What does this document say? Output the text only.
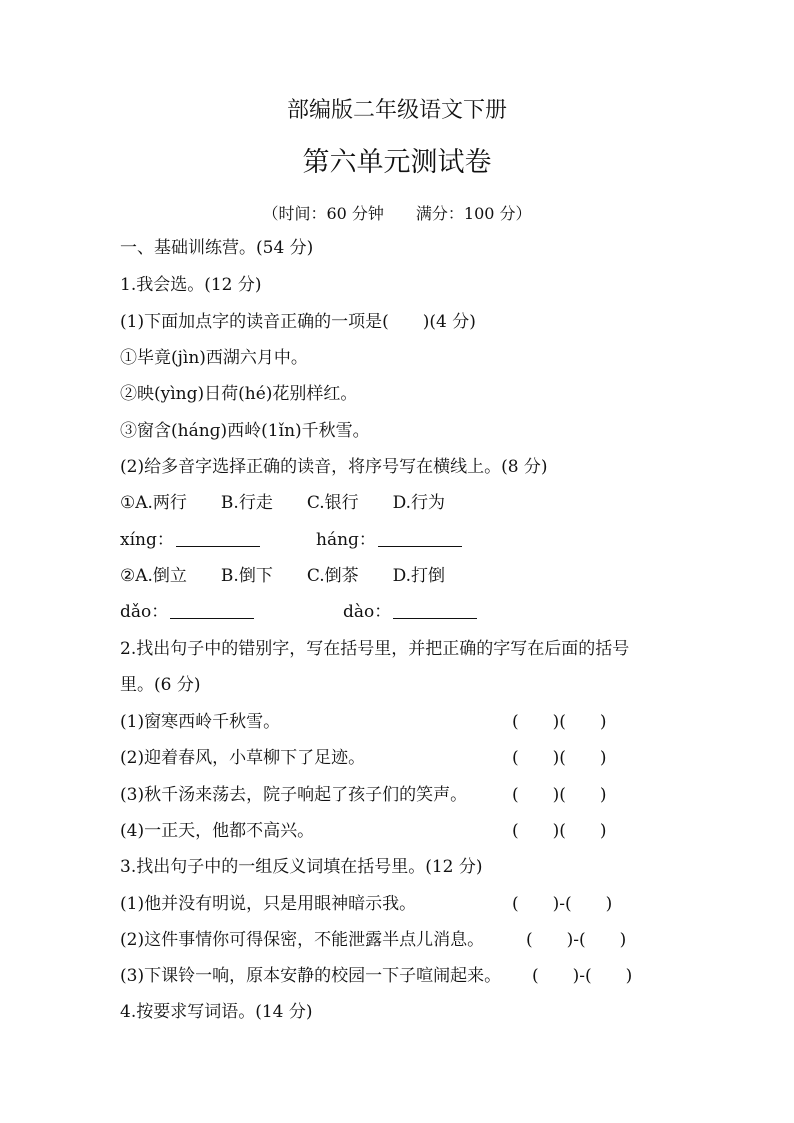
部编版二年级语文下册
第六单元测试卷
（时间：60 分钟　　满分：100 分）
一、基础训练营。(54 分)
1.我会选。(12 分)
(1)下面加点字的读音正确的一项是(　　)(4 分)
①毕竟(jìn)西湖六月中。
②映(yìng)日荷(hé)花别样红。
③窗含(hánɡ)西岭(1ǐn)千秋雪。
(2)给多音字选择正确的读音，将序号写在横线上。(8 分)
①A.两行　　B.行走　　C.银行　　D.行为
xíng：	hánɡ：
②A.倒立　　B.倒下　　C.倒茶　　D.打倒
dǎo：	dào：
2.找出句子中的错别字，写在括号里，并把正确的字写在后面的括号
里。(6 分)
(1)窗寒西岭千秋雪。	(　　)(　　)
(2)迎着春风，小草柳下了足迹。	(　　)(　　)
(3)秋千汤来荡去，院子响起了孩子们的笑声。	(　　)(　　)
(4)一正天，他都不高兴。	(　　)(　　)
3.找出句子中的一组反义词填在括号里。(12 分)
(1)他并没有明说，只是用眼神暗示我。	(　　)-(　　)
(2)这件事情你可得保密，不能泄露半点儿消息。 (　　)-(　　)
(3)下课铃一响，原本安静的校园一下子喧闹起来。 (　　)-(　　)
4.按要求写词语。(14 分)
